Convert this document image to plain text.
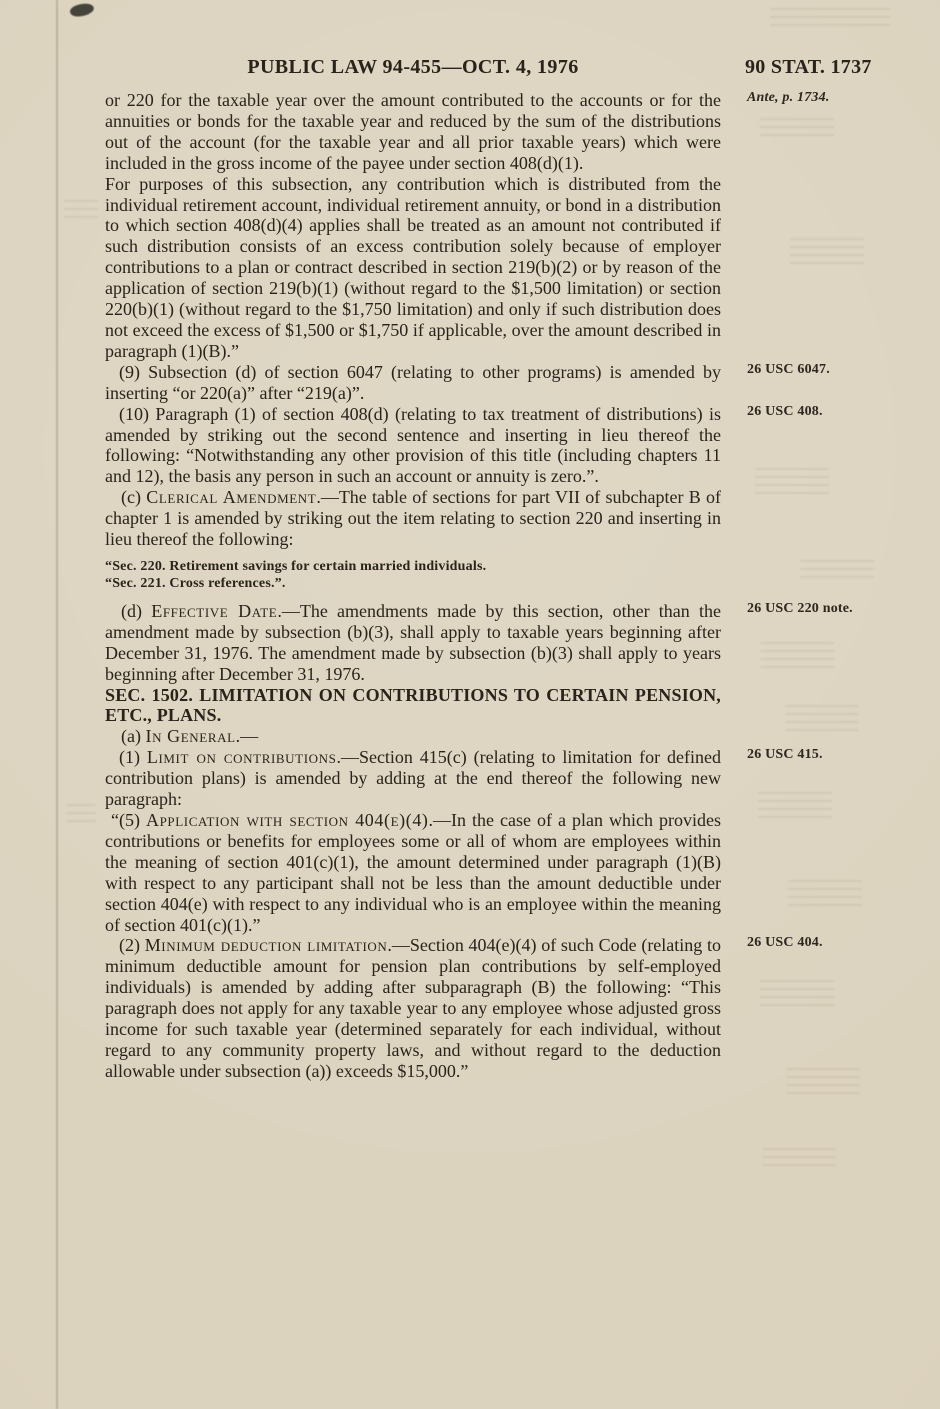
PUBLIC LAW 94-455—OCT. 4, 1976	90 STAT. 1737

Ante, p. 1734.
or 220 for the taxable year over the amount contributed to the accounts or for the annuities or bonds for the taxable year and reduced by the sum of the distributions out of the account (for the taxable year and all prior taxable years) which were included in the gross income of the payee under section 408(d)(1).

For purposes of this subsection, any contribution which is distributed from the individual retirement account, individual retirement annuity, or bond in a distribution to which section 408(d)(4) applies shall be treated as an amount not contributed if such distribution consists of an excess contribution solely because of employer contributions to a plan or contract described in section 219(b)(2) or by reason of the application of section 219(b)(1) (without regard to the $1,500 limitation) or section 220(b)(1) (without regard to the $1,750 limitation) and only if such distribution does not exceed the excess of $1,500 or $1,750 if applicable, over the amount described in paragraph (1)(B).”

26 USC 6047.
(9) Subsection (d) of section 6047 (relating to other programs) is amended by inserting “or 220(a)” after “219(a)”.

26 USC 408.
(10) Paragraph (1) of section 408(d) (relating to tax treatment of distributions) is amended by striking out the second sentence and inserting in lieu thereof the following: “Notwithstanding any other provision of this title (including chapters 11 and 12), the basis any person in such an account or annuity is zero.”.

(c) Clerical Amendment.—The table of sections for part VII of subchapter B of chapter 1 is amended by striking out the item relating to section 220 and inserting in lieu thereof the following:

“Sec. 220. Retirement savings for certain married individuals.

“Sec. 221. Cross references.”.

26 USC 220 note.
(d) Effective Date.—The amendments made by this section, other than the amendment made by subsection (b)(3), shall apply to taxable years beginning after December 31, 1976. The amendment made by subsection (b)(3) shall apply to years beginning after December 31, 1976.

SEC. 1502. LIMITATION ON CONTRIBUTIONS TO CERTAIN PENSION,

ETC., PLANS.

(a) In General.—

26 USC 415.
(1) Limit on contributions.—Section 415(c) (relating to limitation for defined contribution plans) is amended by adding at the end thereof the following new paragraph:

“(5) Application with section 404(e)(4).—In the case of a plan which provides contributions or benefits for employees some or all of whom are employees within the meaning of section 401(c)(1), the amount determined under paragraph (1)(B) with respect to any participant shall not be less than the amount deductible under section 404(e) with respect to any individual who is an employee within the meaning of section 401(c)(1).”

26 USC 404.
(2) Minimum deduction limitation.—Section 404(e)(4) of such Code (relating to minimum deductible amount for pension plan contributions by self-employed individuals) is amended by adding after subparagraph (B) the following: “This paragraph does not apply for any taxable year to any employee whose adjusted gross income for such taxable year (determined separately for each individual, without regard to any community property laws, and without regard to the deduction allowable under subsection (a)) exceeds $15,000.”
